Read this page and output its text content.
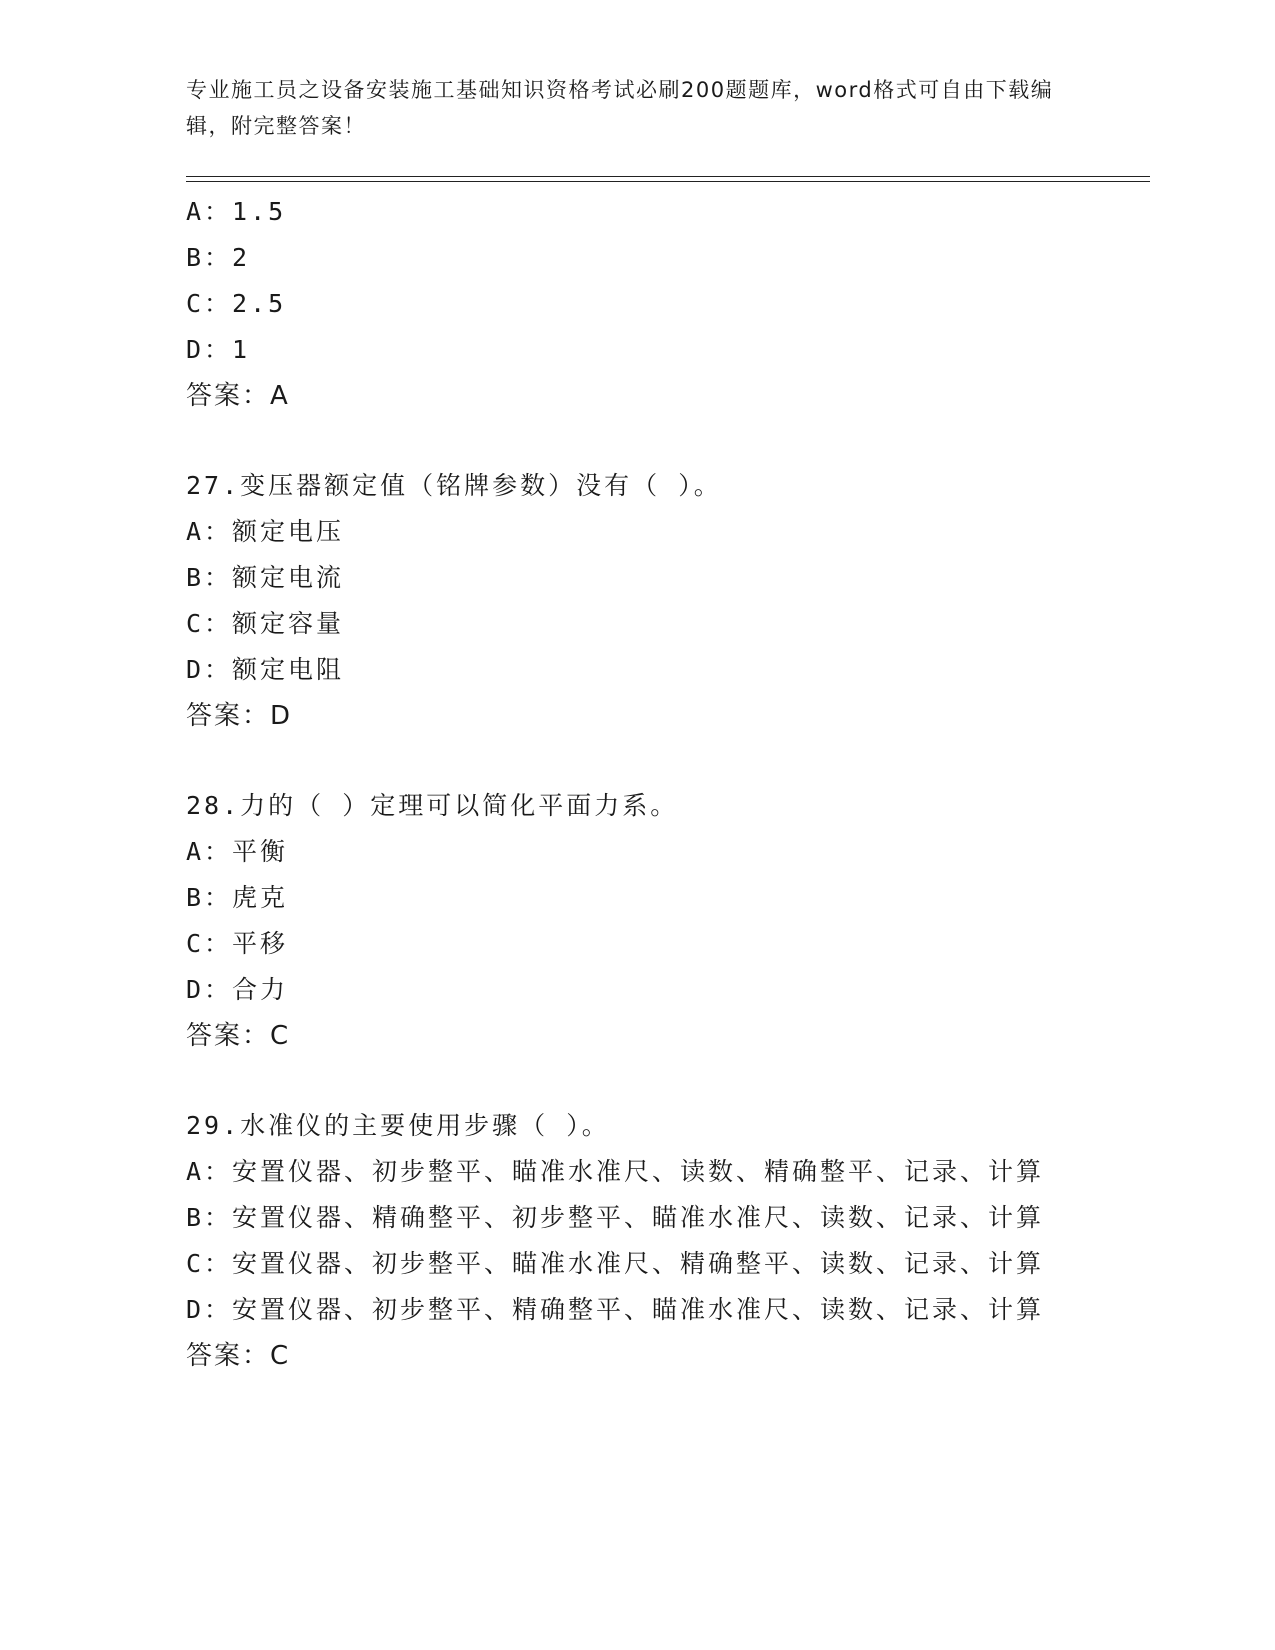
专业施工员之设备安装施工基础知识资格考试必刷200题题库，word格式可自由下载编辑，附完整答案！
A：1.5
B：2
C：2.5
D：1
答案：A
27.变压器额定值（铭牌参数）没有（ ）。
A：额定电压
B：额定电流
C：额定容量
D：额定电阻
答案：D
28.力的（ ）定理可以简化平面力系。
A：平衡
B：虎克
C：平移
D：合力
答案：C
29.水准仪的主要使用步骤（ ）。
A：安置仪器、初步整平、瞄准水准尺、读数、精确整平、记录、计算
B：安置仪器、精确整平、初步整平、瞄准水准尺、读数、记录、计算
C：安置仪器、初步整平、瞄准水准尺、精确整平、读数、记录、计算
D：安置仪器、初步整平、精确整平、瞄准水准尺、读数、记录、计算
答案：C
